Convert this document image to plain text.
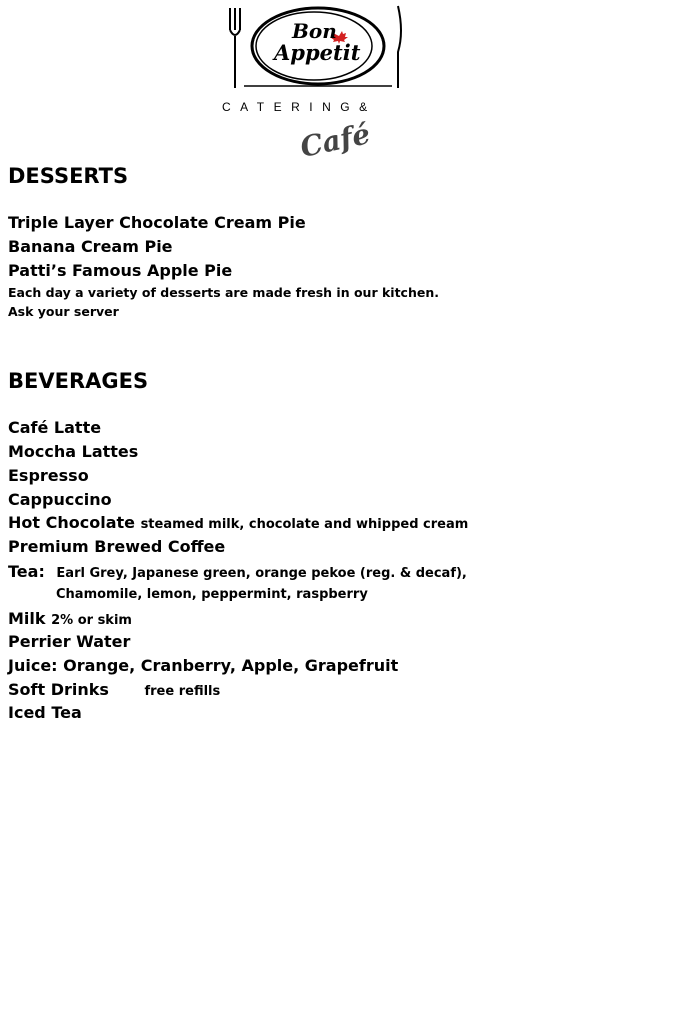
Bon
Appetit
CATERING&
Café
DESSERTS
Triple Layer Chocolate Cream Pie
Banana Cream Pie
Patti’s Famous Apple Pie
Each day a variety of desserts are made fresh in our kitchen.
Ask your server
BEVERAGES
Café Latte
Moccha Lattes
Espresso
Cappuccino
Hot Chocolate steamed milk, chocolate and whipped cream
Premium Brewed Coffee
Tea: Earl Grey, Japanese green, orange pekoe (reg. & decaf),
Chamomile, lemon, peppermint, raspberry
Milk 2% or skim
Perrier Water
Juice: Orange, Cranberry, Apple, Grapefruit
Soft Drinks	free refills
Iced Tea
